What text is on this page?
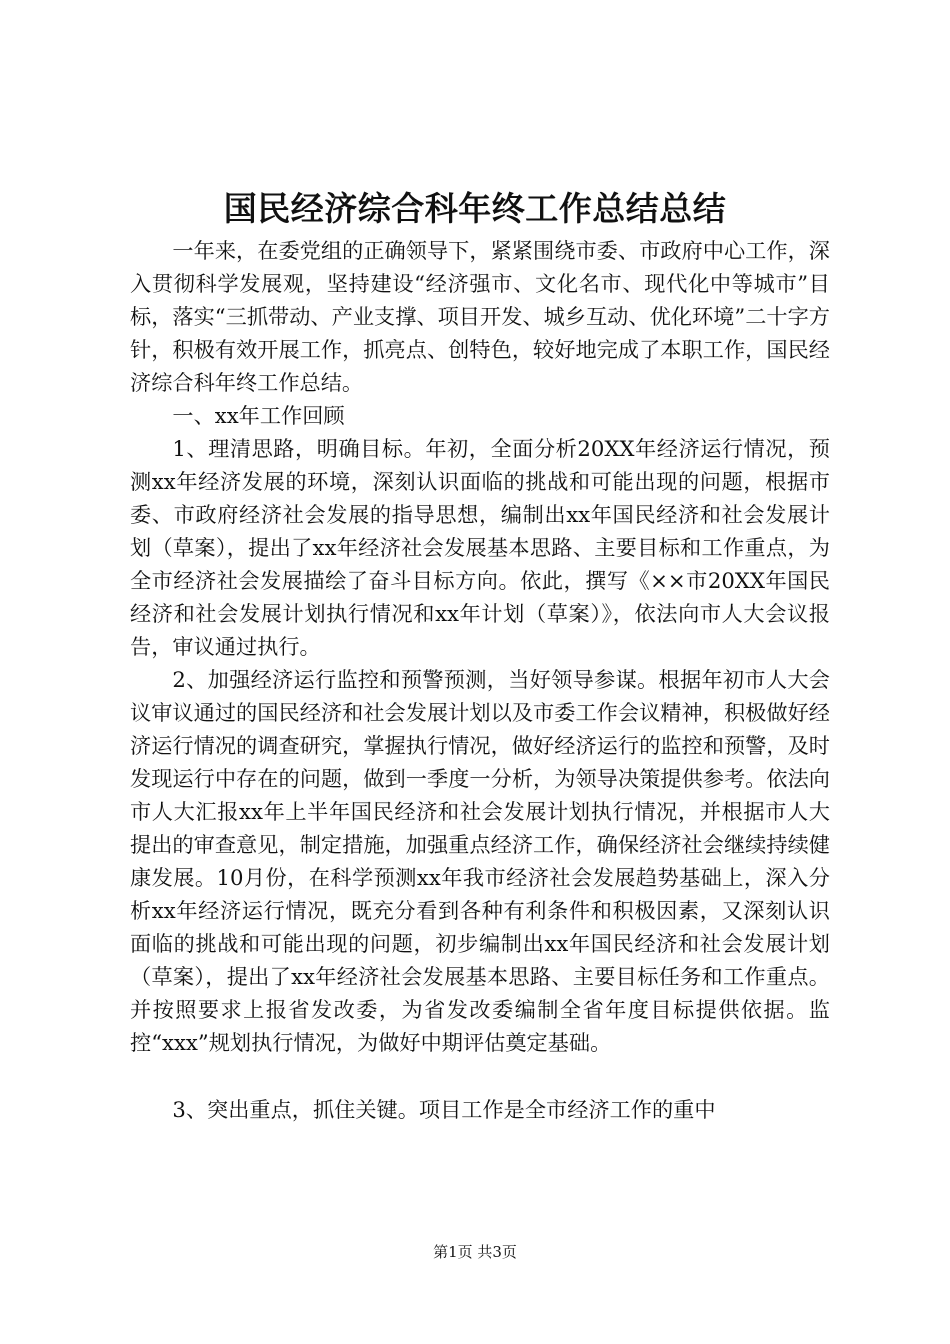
国民经济综合科年终工作总结总结

一年来，在委党组的正确领导下，紧紧围绕市委、市政府中心工作，深入贯彻科学发展观，坚持建设“经济强市、文化名市、现代化中等城市”目标，落实“三抓带动、产业支撑、项目开发、城乡互动、优化环境”二十字方针，积极有效开展工作，抓亮点、创特色，较好地完成了本职工作，国民经济综合科年终工作总结。

一、xx年工作回顾

1、理清思路，明确目标。年初，全面分析20XX年经济运行情况，预测xx年经济发展的环境，深刻认识面临的挑战和可能出现的问题，根据市委、市政府经济社会发展的指导思想，编制出xx年国民经济和社会发展计划（草案），提出了xx年经济社会发展基本思路、主要目标和工作重点，为全市经济社会发展描绘了奋斗目标方向。依此，撰写《××市20XX年国民经济和社会发展计划执行情况和xx年计划（草案）》，依法向市人大会议报告，审议通过执行。

2、加强经济运行监控和预警预测，当好领导参谋。根据年初市人大会议审议通过的国民经济和社会发展计划以及市委工作会议精神，积极做好经济运行情况的调查研究，掌握执行情况，做好经济运行的监控和预警，及时发现运行中存在的问题，做到一季度一分析，为领导决策提供参考。依法向市人大汇报xx年上半年国民经济和社会发展计划执行情况，并根据市人大提出的审查意见，制定措施，加强重点经济工作，确保经济社会继续持续健康发展。10月份，在科学预测xx年我市经济社会发展趋势基础上，深入分析xx年经济运行情况，既充分看到各种有利条件和积极因素，又深刻认识面临的挑战和可能出现的问题，初步编制出xx年国民经济和社会发展计划（草案），提出了xx年经济社会发展基本思路、主要目标任务和工作重点。并按照要求上报省发改委，为省发改委编制全省年度目标提供依据。监控“xxx”规划执行情况，为做好中期评估奠定基础。

3、突出重点，抓住关键。项目工作是全市经济工作的重中

第1页 共3页
